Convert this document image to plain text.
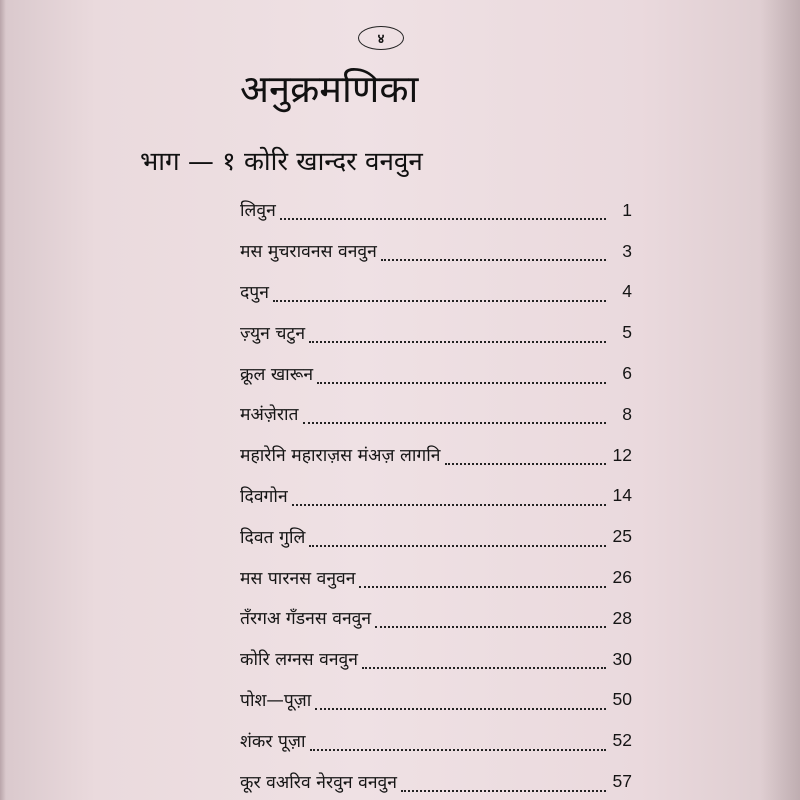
४
अनुक्रमणिका
भाग — १ कोरि खान्दर वनवुन
लिवुन	1
मस मुचरावनस वनवुन	3
दपुन	4
ज़्युन चटुन	5
क्रूल खारून	6
मअंज़ेरात	8
महारेनि महाराज़स मंअज़ लागनि	12
दिवगोन	14
दिवत गुलि	25
मस पारनस वनुवन	26
तँरगअ गँडनस वनवुन	28
कोरि लग्नस वनवुन	30
पोश—पूज़ा	50
शंकर पूज़ा	52
कूर वअरिव नेरवुन वनवुन	57
